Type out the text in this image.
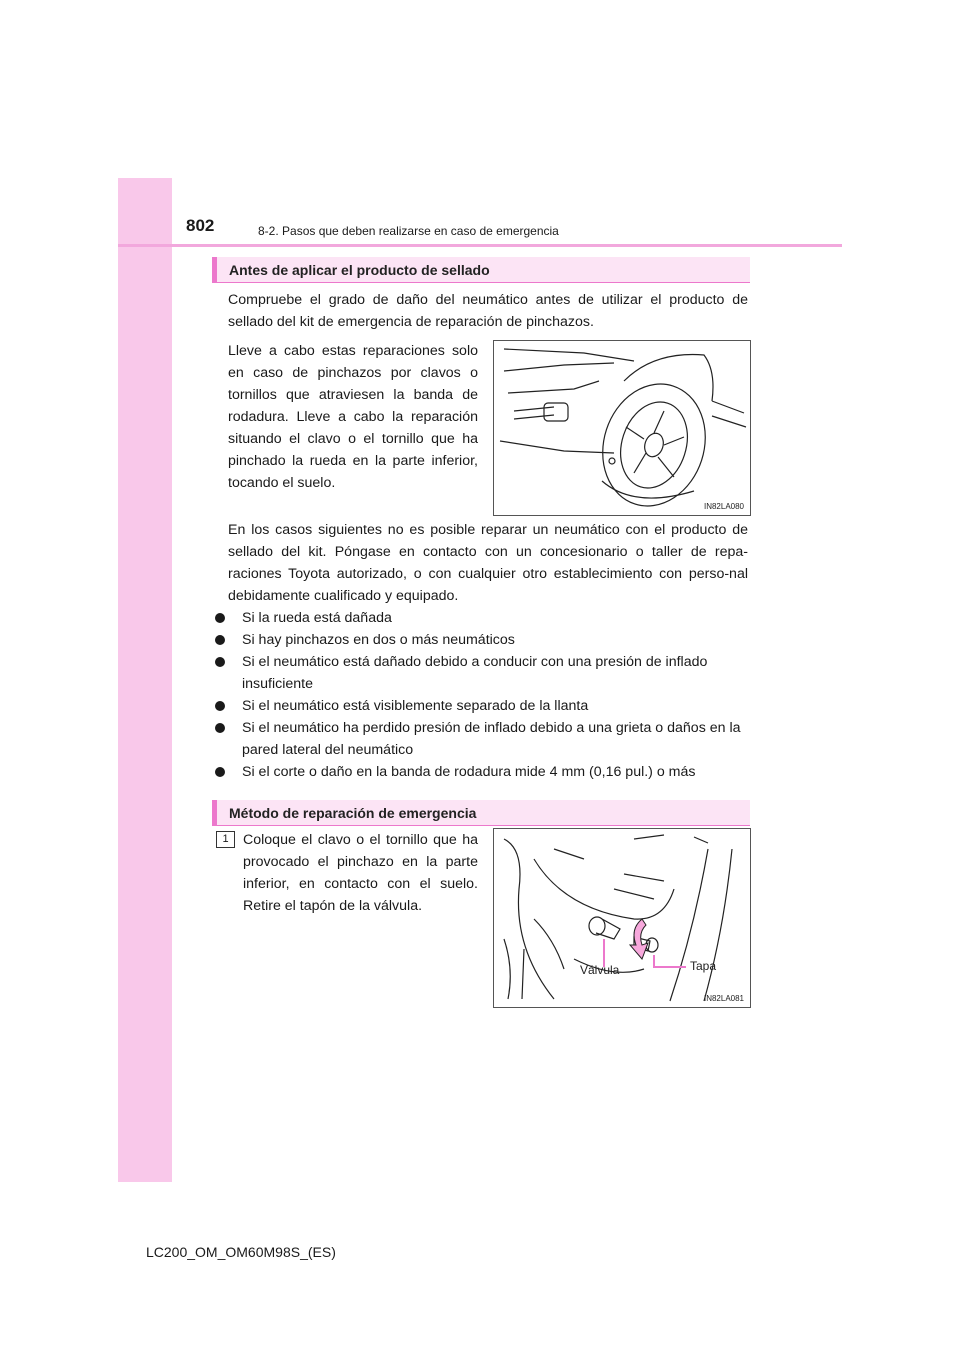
802	8-2. Pasos que deben realizarse en caso de emergencia
Antes de aplicar el producto de sellado

Compruebe el grado de daño del neumático antes de utilizar el producto de sellado del kit de emergencia de reparación de pinchazos.

Lleve a cabo estas reparaciones solo en caso de pinchazos por clavos o tornillos que atraviesen la banda de rodadura. Lleve a cabo la reparación situando el clavo o el tornillo que ha pinchado la rueda en la parte inferior, tocando el suelo.

IN82LA080

En los casos siguientes no es posible reparar un neumático con el producto de sellado del kit. Póngase en contacto con un concesionario o taller de repa-raciones Toyota autorizado, o con cualquier otro establecimiento con perso-nal debidamente cualificado y equipado.

Si la rueda está dañada
Si hay pinchazos en dos o más neumáticos
Si el neumático está dañado debido a conducir con una presión de inflado insuficiente
Si el neumático está visiblemente separado de la llanta
Si el neumático ha perdido presión de inflado debido a una grieta o daños en la pared lateral del neumático
Si el corte o daño en la banda de rodadura mide 4 mm (0,16 pul.) o más
Método de reparación de emergencia
1	Coloque el clavo o el tornillo que ha provocado el pinchazo en la parte inferior, en contacto con el suelo. Retire el tapón de la válvula.

Válvula	Tapa
IN82LA081
LC200_OM_OM60M98S_(ES)
